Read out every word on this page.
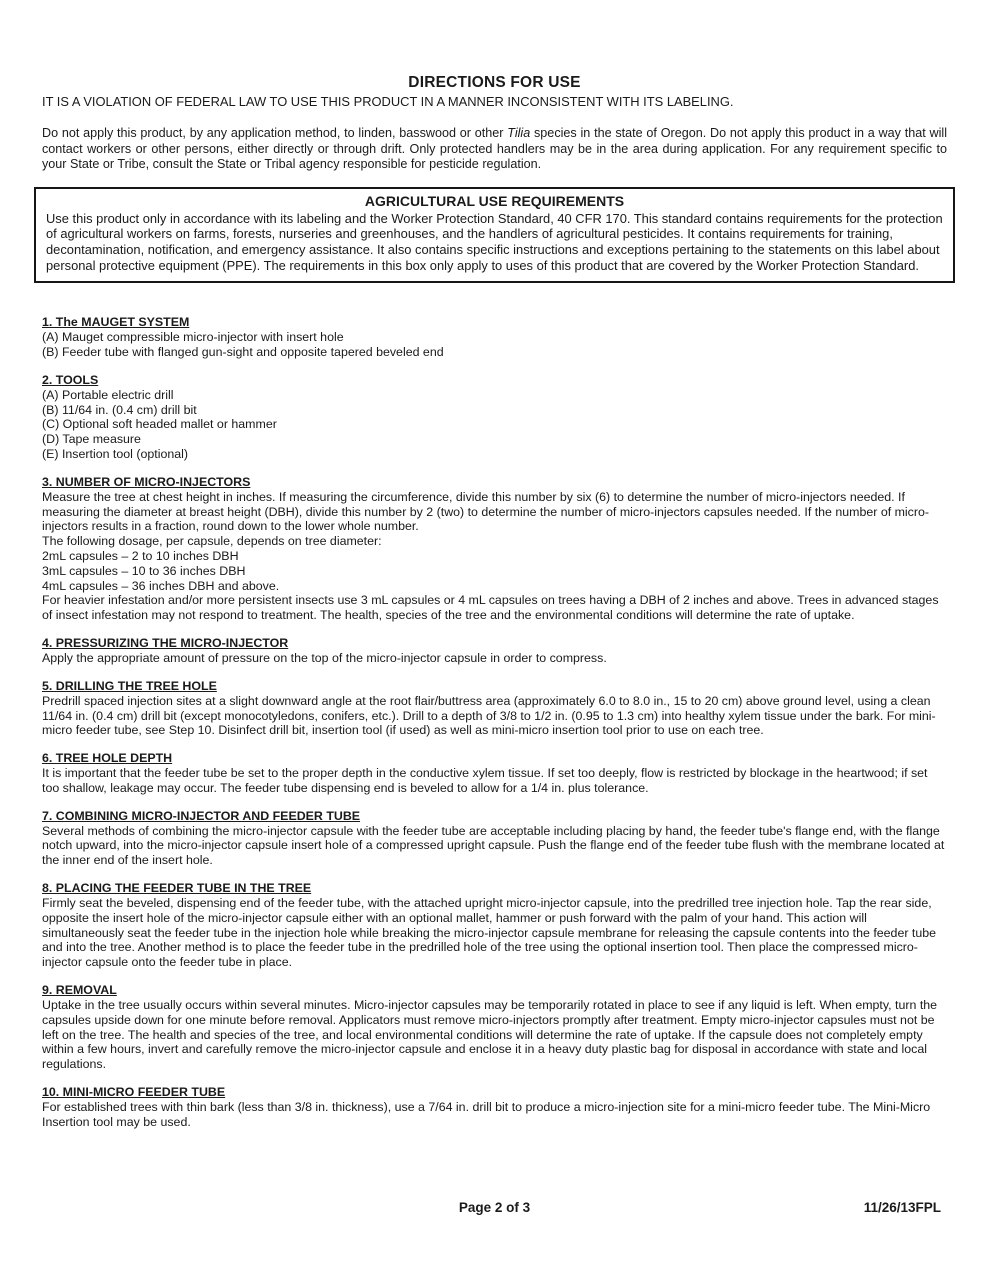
DIRECTIONS FOR USE
IT IS A VIOLATION OF FEDERAL LAW TO USE THIS PRODUCT IN A MANNER INCONSISTENT WITH ITS LABELING.
Do not apply this product, by any application method, to linden, basswood or other Tilia species in the state of Oregon. Do not apply this product in a way that will contact workers or other persons, either directly or through drift. Only protected handlers may be in the area during application. For any requirement specific to your State or Tribe, consult the State or Tribal agency responsible for pesticide regulation.
AGRICULTURAL USE REQUIREMENTS
Use this product only in accordance with its labeling and the Worker Protection Standard, 40 CFR 170. This standard contains requirements for the protection of agricultural workers on farms, forests, nurseries and greenhouses, and the handlers of agricultural pesticides. It contains requirements for training, decontamination, notification, and emergency assistance. It also contains specific instructions and exceptions pertaining to the statements on this label about personal protective equipment (PPE). The requirements in this box only apply to uses of this product that are covered by the Worker Protection Standard.
1. The MAUGET SYSTEM

(A) Mauget compressible micro-injector with insert hole

(B) Feeder tube with flanged gun-sight and opposite tapered beveled end

2. TOOLS

(A) Portable electric drill

(B) 11/64 in. (0.4 cm) drill bit

(C) Optional soft headed mallet or hammer

(D) Tape measure

(E) Insertion tool (optional)

3. NUMBER OF MICRO-INJECTORS

Measure the tree at chest height in inches. If measuring the circumference, divide this number by six (6) to determine the number of micro-injectors needed. If measuring the diameter at breast height (DBH), divide this number by 2 (two) to determine the number of micro-injectors capsules needed. If the number of micro-injectors results in a fraction, round down to the lower whole number.

The following dosage, per capsule, depends on tree diameter:

2mL capsules – 2 to 10 inches DBH

3mL capsules – 10 to 36 inches DBH

4mL capsules – 36 inches DBH and above.

For heavier infestation and/or more persistent insects use 3 mL capsules or 4 mL capsules on trees having a DBH of 2 inches and above. Trees in advanced stages of insect infestation may not respond to treatment. The health, species of the tree and the environmental conditions will determine the rate of uptake.

4. PRESSURIZING THE MICRO-INJECTOR

Apply the appropriate amount of pressure on the top of the micro-injector capsule in order to compress.

5. DRILLING THE TREE HOLE

Predrill spaced injection sites at a slight downward angle at the root flair/buttress area (approximately 6.0 to 8.0 in., 15 to 20 cm) above ground level, using a clean 11/64 in. (0.4 cm) drill bit (except monocotyledons, conifers, etc.). Drill to a depth of 3/8 to 1/2 in. (0.95 to 1.3 cm) into healthy xylem tissue under the bark. For mini-micro feeder tube, see Step 10. Disinfect drill bit, insertion tool (if used) as well as mini-micro insertion tool prior to use on each tree.

6. TREE HOLE DEPTH

It is important that the feeder tube be set to the proper depth in the conductive xylem tissue. If set too deeply, flow is restricted by blockage in the heartwood; if set too shallow, leakage may occur. The feeder tube dispensing end is beveled to allow for a 1/4 in. plus tolerance.

7. COMBINING MICRO-INJECTOR AND FEEDER TUBE

Several methods of combining the micro-injector capsule with the feeder tube are acceptable including placing by hand, the feeder tube's flange end, with the flange notch upward, into the micro-injector capsule insert hole of a compressed upright capsule. Push the flange end of the feeder tube flush with the membrane located at the inner end of the insert hole.

8. PLACING THE FEEDER TUBE IN THE TREE

Firmly seat the beveled, dispensing end of the feeder tube, with the attached upright micro-injector capsule, into the predrilled tree injection hole. Tap the rear side, opposite the insert hole of the micro-injector capsule either with an optional mallet, hammer or push forward with the palm of your hand. This action will simultaneously seat the feeder tube in the injection hole while breaking the micro-injector capsule membrane for releasing the capsule contents into the feeder tube and into the tree. Another method is to place the feeder tube in the predrilled hole of the tree using the optional insertion tool. Then place the compressed micro-injector capsule onto the feeder tube in place.

9. REMOVAL

Uptake in the tree usually occurs within several minutes. Micro-injector capsules may be temporarily rotated in place to see if any liquid is left. When empty, turn the capsules upside down for one minute before removal. Applicators must remove micro-injectors promptly after treatment. Empty micro-injector capsules must not be left on the tree. The health and species of the tree, and local environmental conditions will determine the rate of uptake. If the capsule does not completely empty within a few hours, invert and carefully remove the micro-injector capsule and enclose it in a heavy duty plastic bag for disposal in accordance with state and local regulations.

10. MINI-MICRO FEEDER TUBE

For established trees with thin bark (less than 3/8 in. thickness), use a 7/64 in. drill bit to produce a micro-injection site for a mini-micro feeder tube. The Mini-Micro Insertion tool may be used.

Page 2 of 3	11/26/13FPL
